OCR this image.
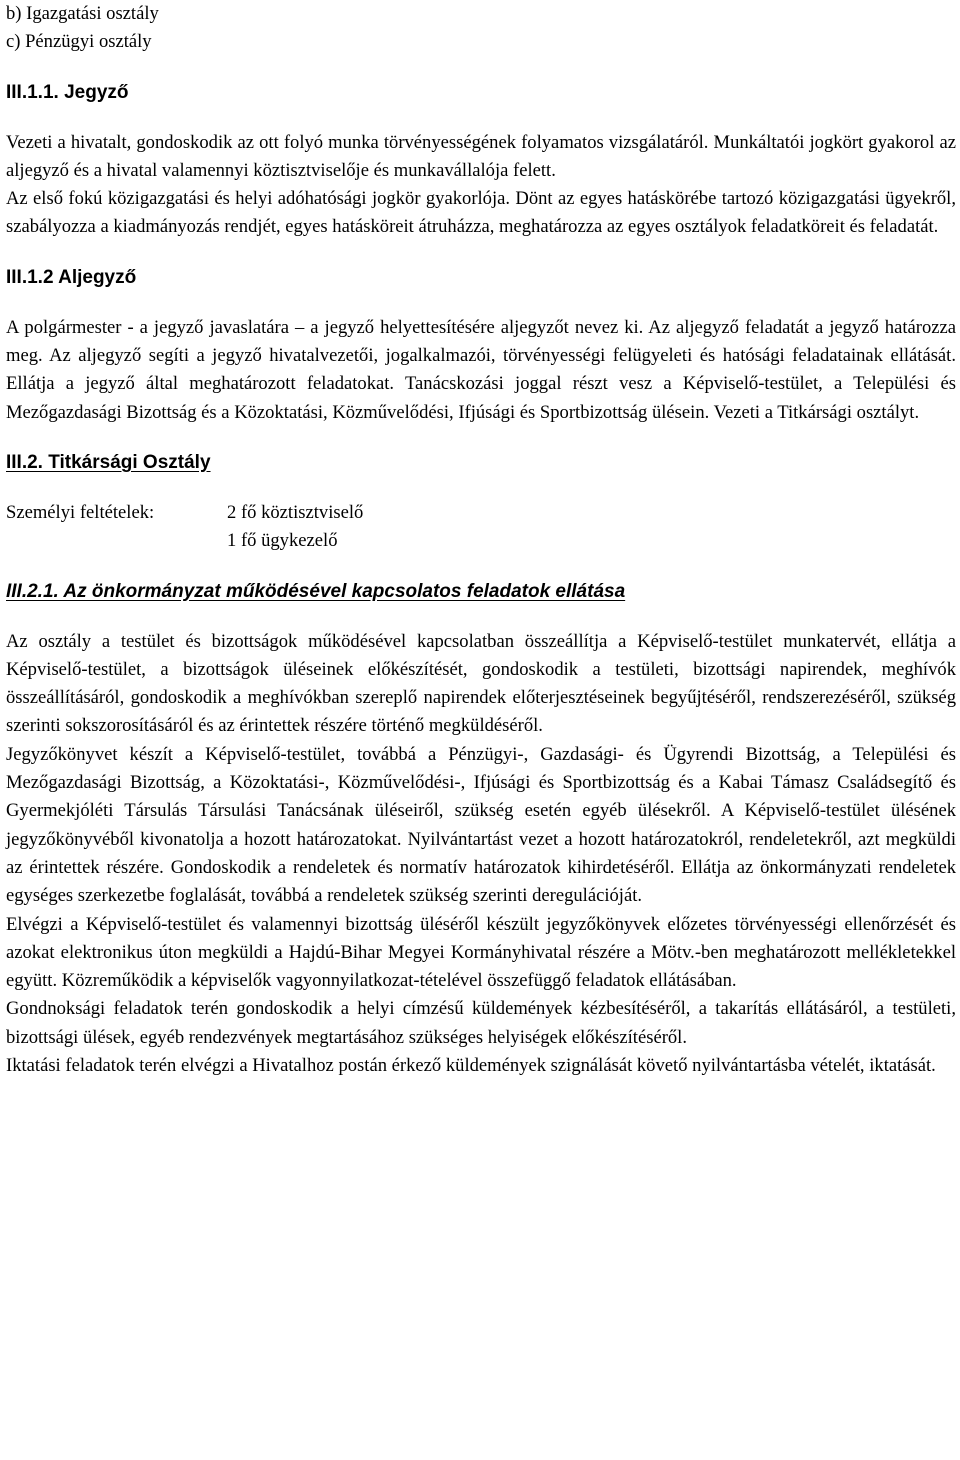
b) Igazgatási osztály
c) Pénzügyi osztály
III.1.1. Jegyző

Vezeti a hivatalt, gondoskodik az ott folyó munka törvényességének folyamatos vizsgálatáról. Munkáltatói jogkört gyakorol az aljegyző és a hivatal valamennyi köztisztviselője és munkavállalója felett.

Az első fokú közigazgatási és helyi adóhatósági jogkör gyakorlója. Dönt az egyes hatáskörébe tartozó közigazgatási ügyekről, szabályozza a kiadmányozás rendjét, egyes hatásköreit átruházza, meghatározza az egyes osztályok feladatköreit és feladatát.

III.1.2 Aljegyző

A polgármester - a jegyző javaslatára – a jegyző helyettesítésére aljegyzőt nevez ki. Az aljegyző feladatát a jegyző határozza meg. Az aljegyző segíti a jegyző hivatalvezetői, jogalkalmazói, törvényességi felügyeleti és hatósági feladatainak ellátását. Ellátja a jegyző által meghatározott feladatokat. Tanácskozási joggal részt vesz a Képviselő-testület, a Települési és Mezőgazdasági Bizottság és a Közoktatási, Közművelődési, Ifjúsági és Sportbizottság ülésein. Vezeti a Titkársági osztályt.

III.2. Titkársági Osztály
Személyi feltételek:	2 fő köztisztviselő
1 fő ügykezelő
III.2.1. Az önkormányzat működésével kapcsolatos feladatok ellátása

Az osztály a testület és bizottságok működésével kapcsolatban összeállítja a Képviselő-testület munkatervét, ellátja a Képviselő-testület, a bizottságok üléseinek előkészítését, gondoskodik a testületi, bizottsági napirendek, meghívók összeállításáról, gondoskodik a meghívókban szereplő napirendek előterjesztéseinek begyűjtéséről, rendszerezéséről, szükség szerinti sokszorosításáról és az érintettek részére történő megküldéséről.

Jegyzőkönyvet készít a Képviselő-testület, továbbá a Pénzügyi-, Gazdasági- és Ügyrendi Bizottság, a Települési és Mezőgazdasági Bizottság, a Közoktatási-, Közművelődési-, Ifjúsági és Sportbizottság és a Kabai Támasz Családsegítő és Gyermekjóléti Társulás Társulási Tanácsának üléseiről, szükség esetén egyéb ülésekről. A Képviselő-testület ülésének jegyzőkönyvéből kivonatolja a hozott határozatokat. Nyilvántartást vezet a hozott határozatokról, rendeletekről, azt megküldi az érintettek részére. Gondoskodik a rendeletek és normatív határozatok kihirdetéséről. Ellátja az önkormányzati rendeletek egységes szerkezetbe foglalását, továbbá a rendeletek szükség szerinti deregulációját.

Elvégzi a Képviselő-testület és valamennyi bizottság üléséről készült jegyzőkönyvek előzetes törvényességi ellenőrzését és azokat elektronikus úton megküldi a Hajdú-Bihar Megyei Kormányhivatal részére a Mötv.-ben meghatározott mellékletekkel együtt. Közreműködik a képviselők vagyonnyilatkozat-tételével összefüggő feladatok ellátásában.

Gondnoksági feladatok terén gondoskodik a helyi címzésű küldemények kézbesítéséről, a takarítás ellátásáról, a testületi, bizottsági ülések, egyéb rendezvények megtartásához szükséges helyiségek előkészítéséről.

Iktatási feladatok terén elvégzi a Hivatalhoz postán érkező küldemények szignálását követő nyilvántartásba vételét, iktatását.
